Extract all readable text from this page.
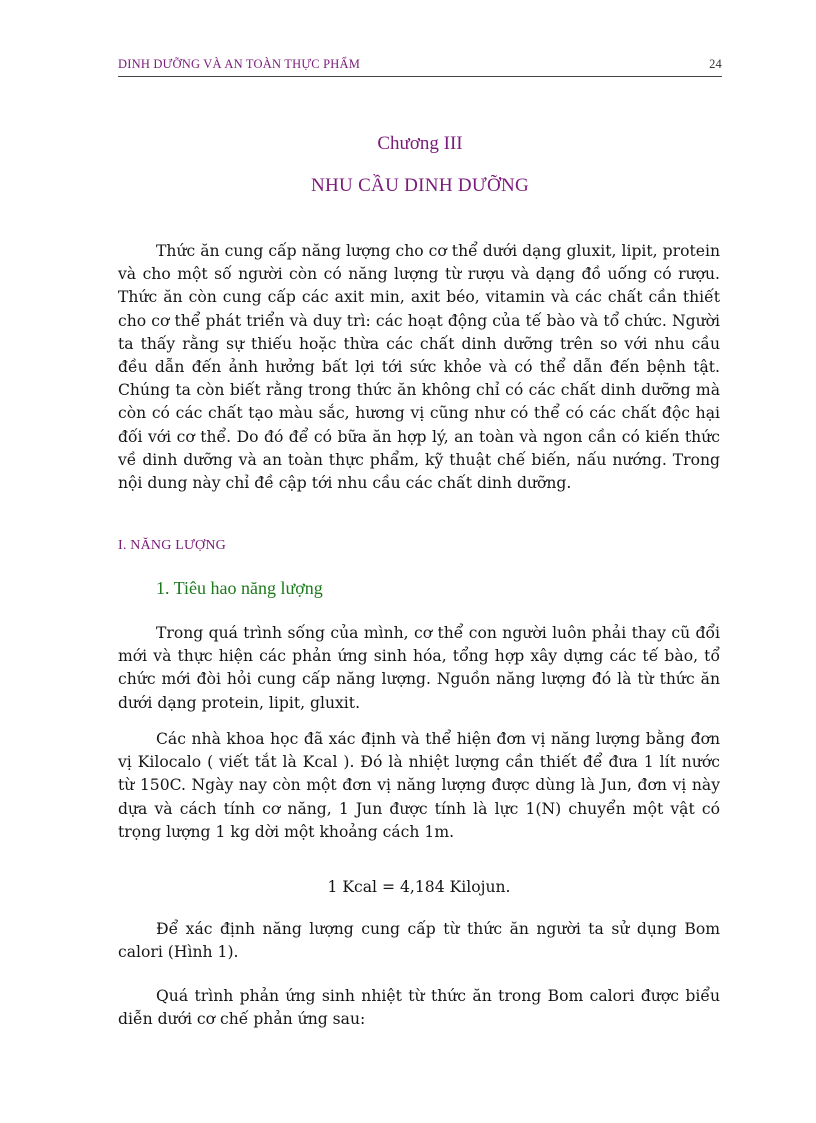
DINH DƯỠNG VÀ AN TOÀN THỰC PHẨM	24
Chương III
NHU CẦU DINH DƯỠNG

Thức ăn cung cấp năng lượng cho cơ thể dưới dạng gluxit, lipit, protein và cho một số người còn có năng lượng từ rượu và dạng đồ uống có rượu. Thức ăn còn cung cấp các axit min, axit béo, vitamin và các chất cần thiết cho cơ thể phát triển và duy trì: các hoạt động của tế bào và tổ chức. Người ta thấy rằng sự thiếu hoặc thừa các chất dinh dưỡng trên so với nhu cầu đều dẫn đến ảnh hưởng bất lợi tới sức khỏe và có thể dẫn đến bệnh tật. Chúng ta còn biết rằng trong thức ăn không chỉ có các chất dinh dưỡng mà còn có các chất tạo màu sắc, hương vị cũng như có thể có các chất độc hại đối với cơ thể. Do đó để có bữa ăn hợp lý, an toàn và ngon cần có kiến thức về dinh dưỡng và an toàn thực phẩm, kỹ thuật chế biến, nấu nướng. Trong nội dung này chỉ đề cập tới nhu cầu các chất dinh dưỡng.

I. NĂNG LƯỢNG
1. Tiêu hao năng lượng

Trong quá trình sống của mình, cơ thể con người luôn phải thay cũ đổi mới và thực hiện các phản ứng sinh hóa, tổng hợp xây dựng các tế bào, tổ chức mới đòi hỏi cung cấp năng lượng. Nguồn năng lượng đó là từ thức ăn dưới dạng protein, lipit, gluxit.

Các nhà khoa học đã xác định và thể hiện đơn vị năng lượng bằng đơn vị Kilocalo ( viết tắt là Kcal ). Đó là nhiệt lượng cần thiết để đưa 1 lít nước từ 150C. Ngày nay còn một đơn vị năng lượng được dùng là Jun, đơn vị này dựa và cách tính cơ năng, 1 Jun được tính là lực 1(N) chuyển một vật có trọng lượng 1 kg dời một khoảng cách 1m.

1 Kcal = 4,184 Kilojun.

Để xác định năng lượng cung cấp từ thức ăn người ta sử dụng Bom calori (Hình 1).

Quá trình phản ứng sinh nhiệt từ thức ăn trong Bom calori được biểu diễn dưới cơ chế phản ứng sau:
